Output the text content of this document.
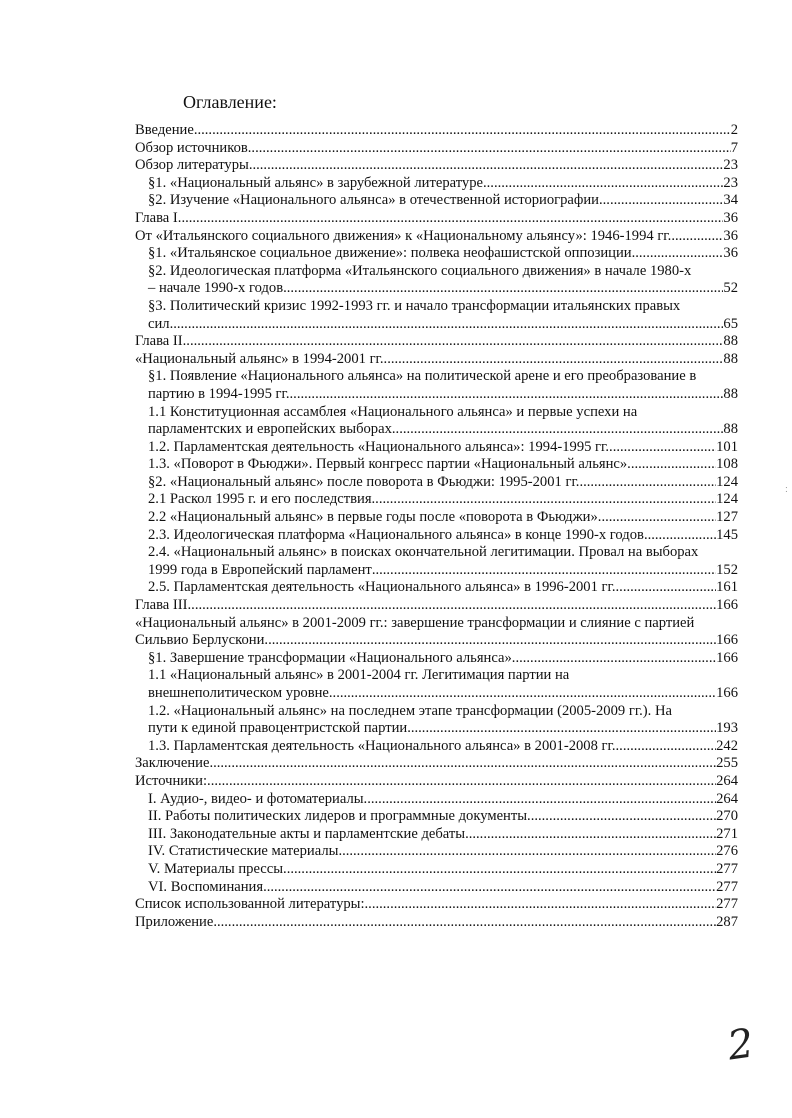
Оглавление:
Введение .....	2
Обзор источников .....	7
Обзор литературы .....	23
§1. «Национальный альянс» в зарубежной литературе .....	23
§2. Изучение «Национального альянса» в отечественной историографии .....	34
Глава I .....	36
От «Итальянского социального движения» к «Национальному альянсу»: 1946-1994 гг. .....	36
§1. «Итальянское социальное движение»: полвека неофашистской оппозиции .....	36
§2. Идеологическая платформа «Итальянского социального движения» в начале 1980-х
– начале 1990-х годов .....	52
§3. Политический кризис 1992-1993 гг. и начало трансформации итальянских правых
сил .....	65
Глава II .....	88
«Национальный альянс» в 1994-2001 гг. .....	88
§1. Появление «Национального альянса» на политической арене и его преобразование в
партию в 1994-1995 гг. .....	88
1.1 Конституционная ассамблея «Национального альянса» и первые успехи на
парламентских и европейских выборах .....	88
1.2. Парламентская деятельность «Национального альянса»: 1994-1995 гг. .....	101
1.3. «Поворот в Фьюджи». Первый конгресс партии «Национальный альянс» .....	108
§2. «Национальный альянс» после поворота в Фьюджи: 1995-2001 гг. .....	124
2.1 Раскол 1995 г. и его последствия .....	124
2.2 «Национальный альянс» в первые годы после «поворота в Фьюджи» .....	127
2.3. Идеологическая платформа «Национального альянса» в конце 1990-х годов .....	145
2.4. «Национальный альянс» в поисках окончательной легитимации. Провал на выборах
1999 года в Европейский парламент .....	152
2.5. Парламентская деятельность «Национального альянса» в 1996-2001 гг. .....	161
Глава III .....	166
«Национальный альянс» в 2001-2009 гг.: завершение трансформации и слияние с партией
Сильвио Берлускони .....	166
§1. Завершение трансформации «Национального альянса» .....	166
1.1 «Национальный альянс» в 2001-2004 гг. Легитимация партии на
внешнеполитическом уровне .....	166
1.2. «Национальный альянс» на последнем этапе трансформации (2005-2009 гг.). На
пути к единой правоцентристской партии .....	193
1.3. Парламентская деятельность «Национального альянса» в 2001-2008 гг. .....	242
Заключение .....	255
Источники: .....	264
I. Аудио-, видео- и фотоматериалы. .....	264
II. Работы политических лидеров и программные документы .....	270
III. Законодательные акты и парламентские дебаты .....	271
IV. Статистические материалы .....	276
V. Материалы прессы .....	277
VI. Воспоминания .....	277
Список использованной литературы: .....	277
Приложение .....	287
2
ː
